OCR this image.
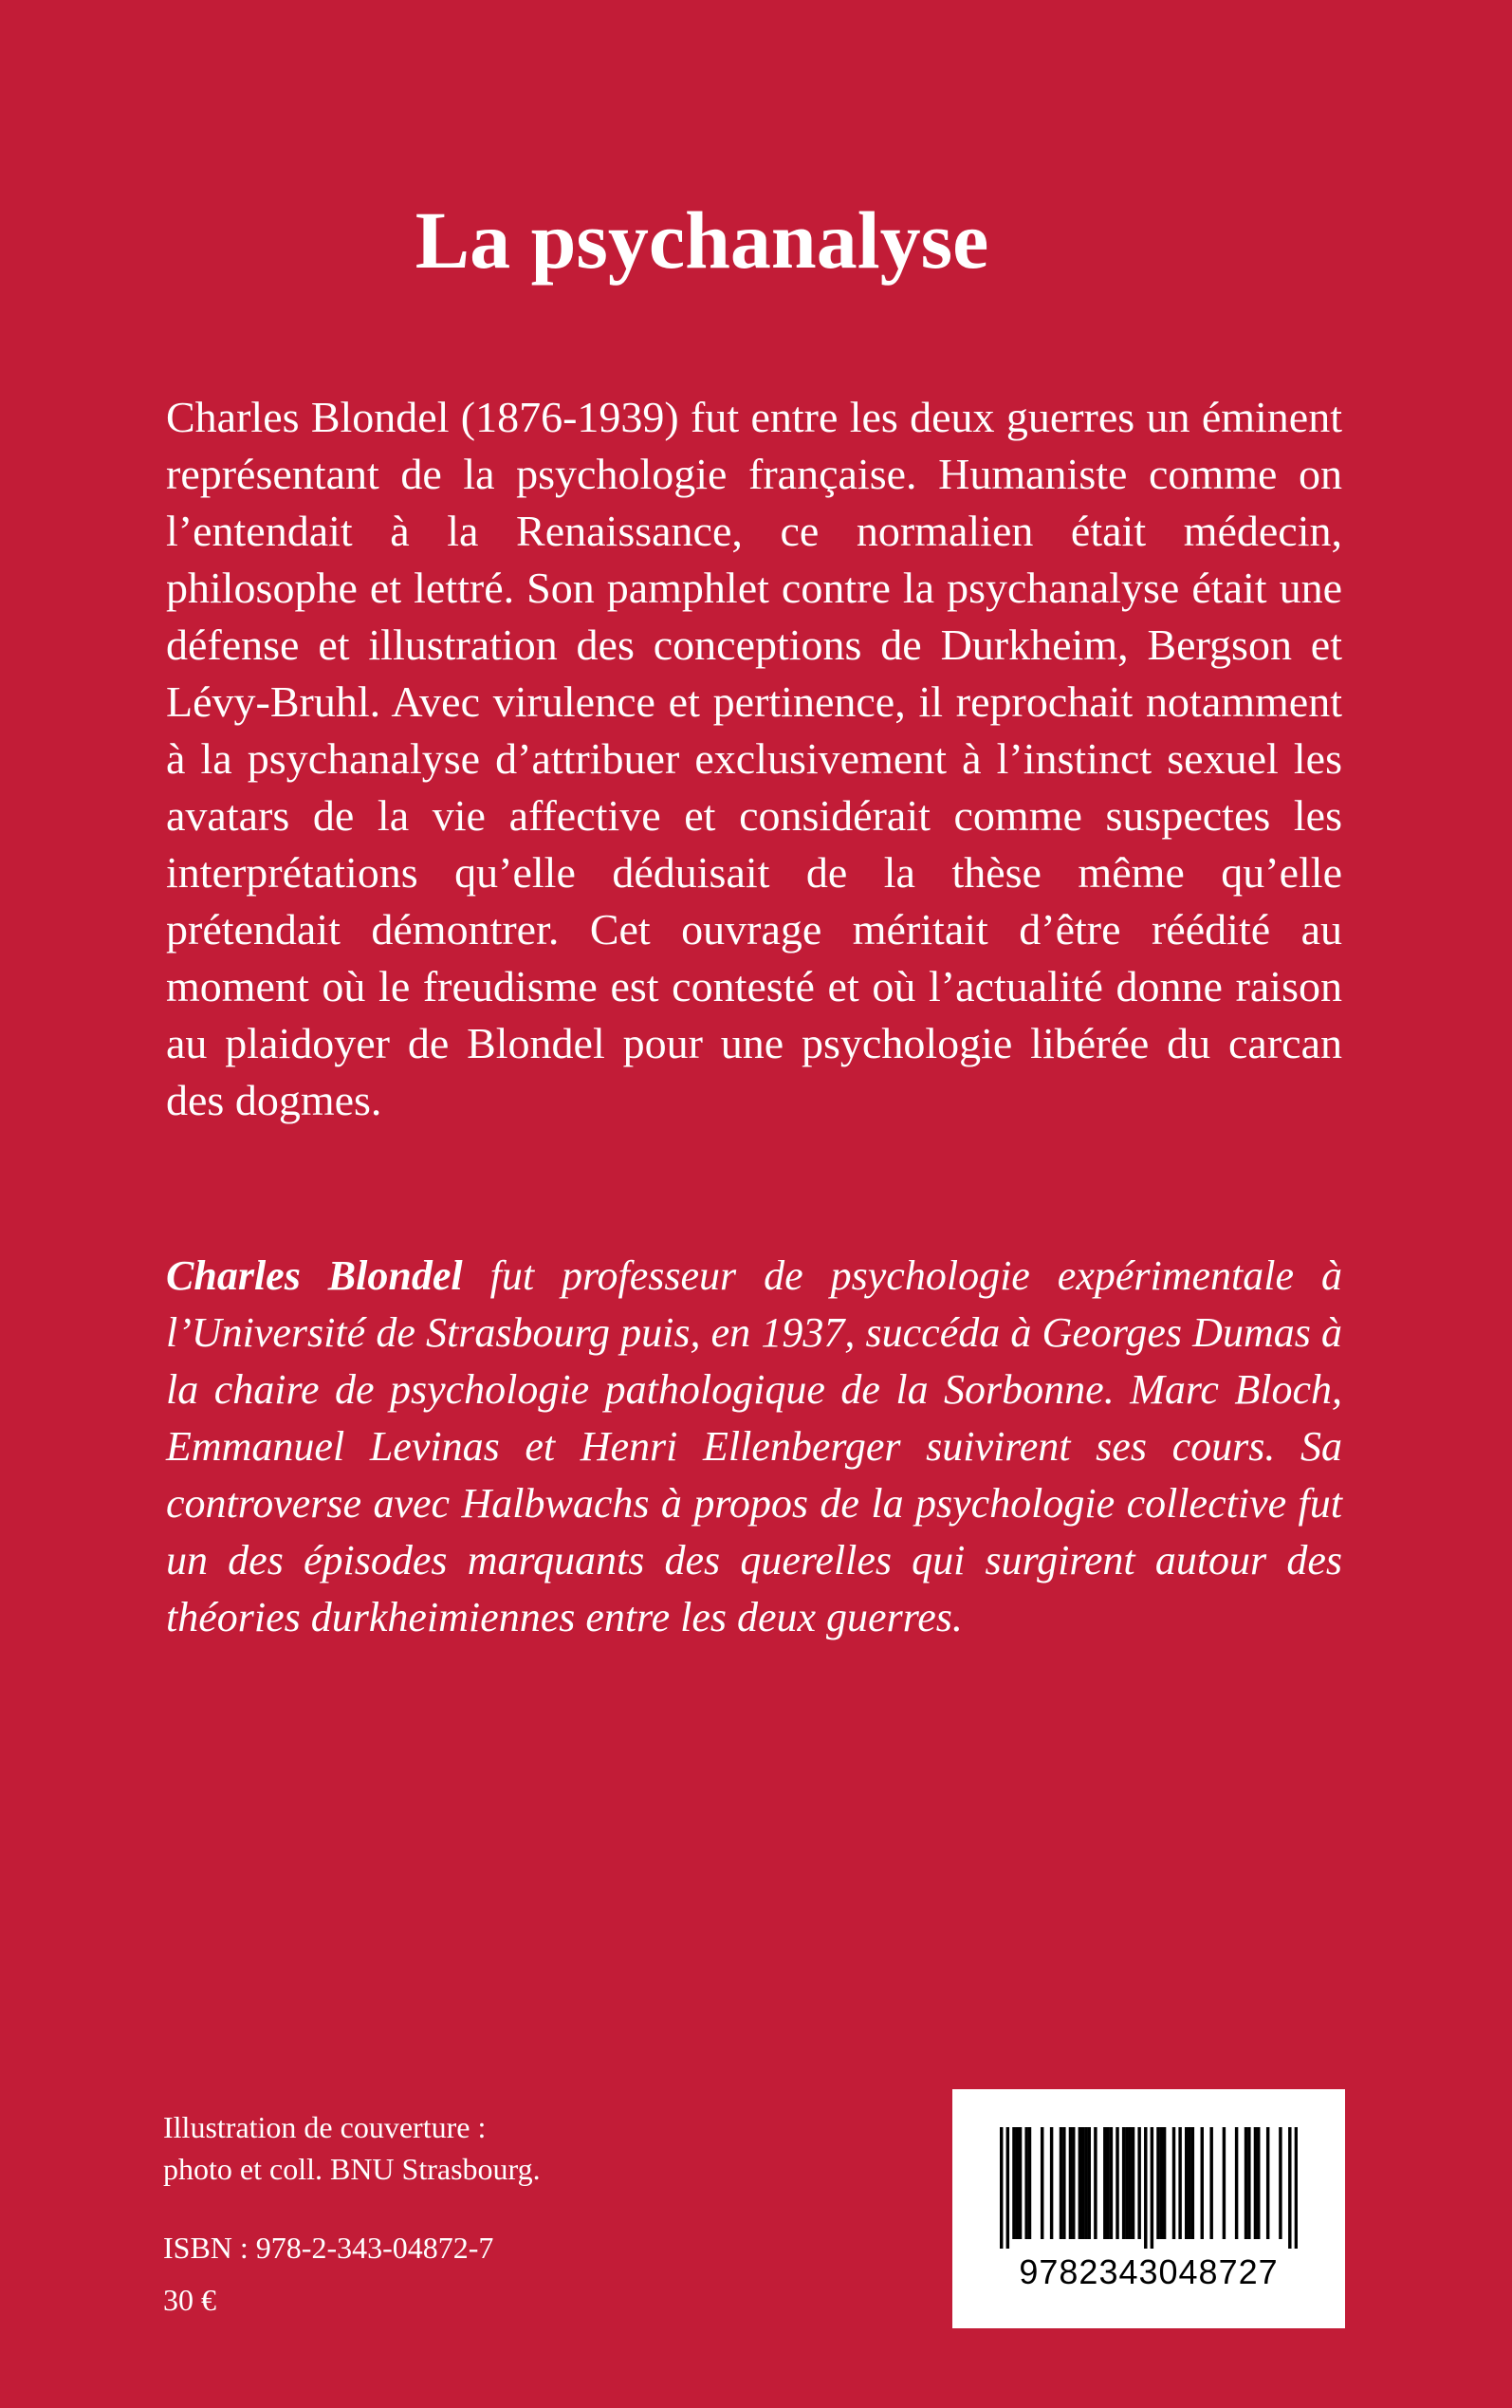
La psychanalyse

Charles Blondel (1876-1939) fut entre les deux guerres un éminent représentant de la psychologie française. Humaniste comme on l’entendait à la Renaissance, ce normalien était médecin, philosophe et lettré. Son pamphlet contre la psychanalyse était une défense et illustration des conceptions de Durkheim, Bergson et Lévy-Bruhl. Avec virulence et pertinence, il reprochait notamment à la psychanalyse d’attribuer exclusivement à l’instinct sexuel les avatars de la vie affective et considérait comme suspectes les interprétations qu’elle déduisait de la thèse même qu’elle prétendait démontrer. Cet ouvrage méritait d’être réédité au moment où le freudisme est contesté et où l’actualité donne raison au plaidoyer de Blondel pour une psychologie libérée du carcan des dogmes.

Charles Blondel fut professeur de psychologie expérimentale à l’Université de Strasbourg puis, en 1937, succéda à Georges Dumas à la chaire de psychologie pathologique de la Sorbonne. Marc Bloch, Emmanuel Levinas et Henri Ellenberger suivirent ses cours. Sa controverse avec Halbwachs à propos de la psychologie collective fut un des épisodes marquants des querelles qui surgirent autour des théories durkheimiennes entre les deux guerres.

Illustration de couverture :
photo et coll. BNU Strasbourg.
ISBN : 978-2-343-04872-7
30 €
9782343048727
